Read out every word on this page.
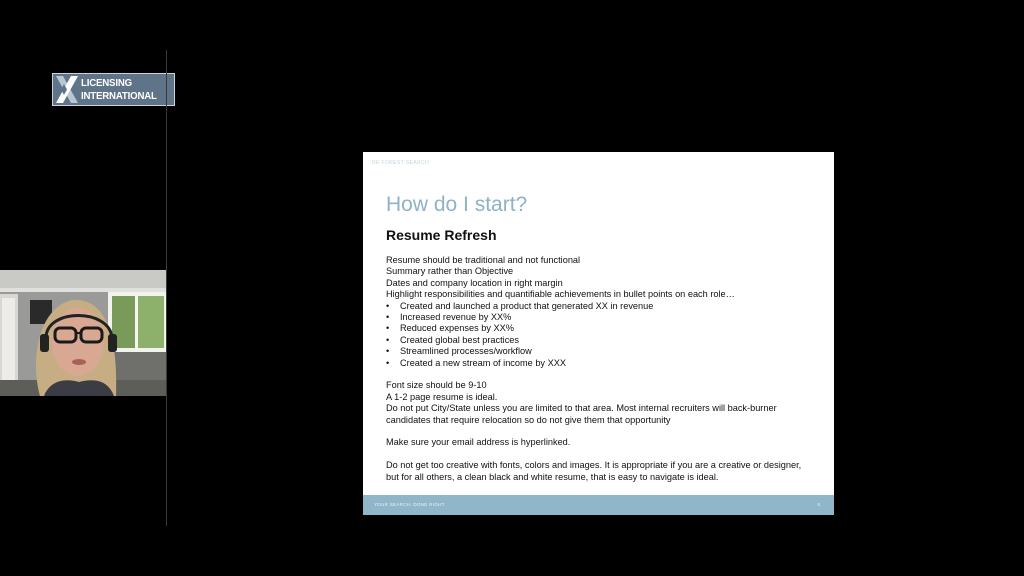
LICENSING
INTERNATIONAL
DE FOREST SEARCH
How do I start?
Resume Refresh
Resume should be traditional and not functional
Summary rather than Objective
Dates and company location in right margin
Highlight responsibilities and quantifiable achievements in bullet points on each role…
• Created and launched a product that generated XX in revenue
• Increased revenue by XX%
• Reduced expenses by XX%
• Created global best practices
• Streamlined processes/workflow
• Created a new stream of income by XXX
Font size should be 9-10
A 1-2 page resume is ideal.
Do not put City/State unless you are limited to that area. Most internal recruiters will back-burner candidates that require relocation so do not give them that opportunity
Make sure your email address is hyperlinked.
Do not get too creative with fonts, colors and images. It is appropriate if you are a creative or designer, but for all others, a clean black and white resume, that is easy to navigate is ideal.
YOUR SEARCH. DONE RIGHT.	5
